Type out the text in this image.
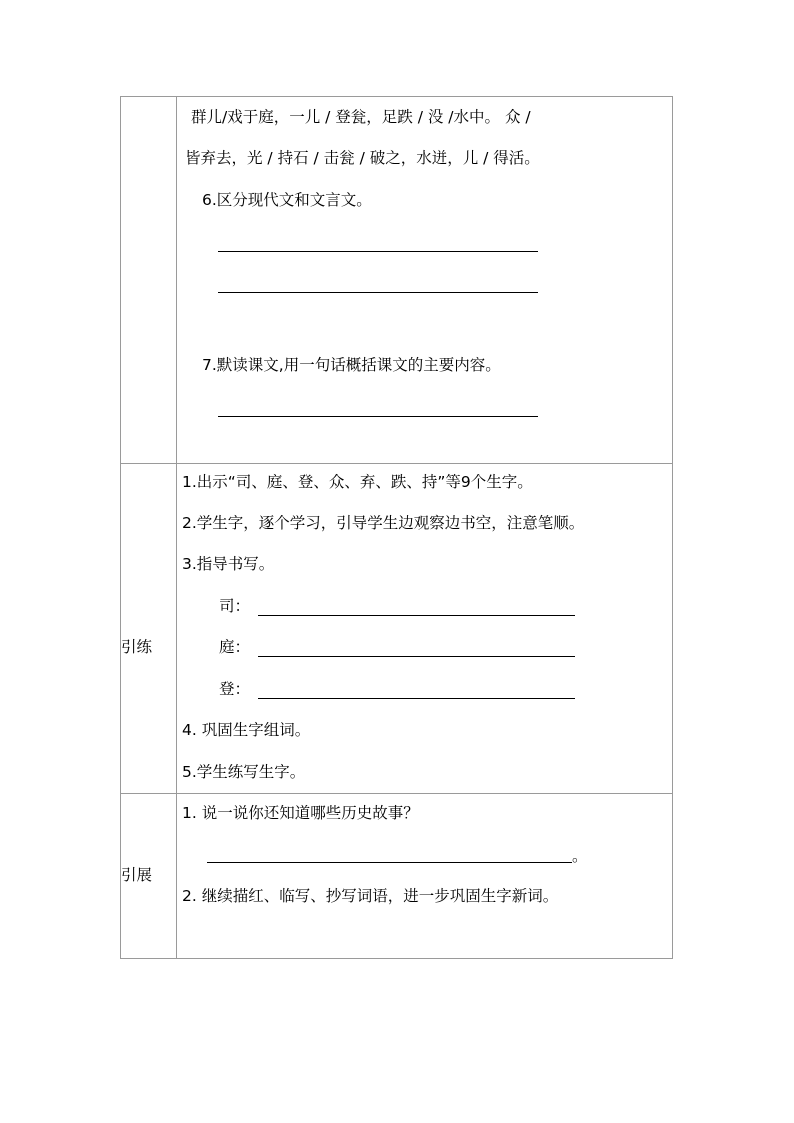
群儿/戏于庭，一儿 / 登瓮，足跌 / 没 /水中。 众 /
皆弃去，光 / 持石 / 击瓮 / 破之，水迸，儿 / 得活。
6.区分现代文和文言文。
7.默读课文,用一句话概括课文的主要内容。
引练
1.出示“司、庭、登、众、弃、跌、持”等9个生字。
2.学生字，逐个学习，引导学生边观察边书空，注意笔顺。
3.指导书写。
司：
庭：
登：
4. 巩固生字组词。
5.学生练写生字。
引展
1. 说一说你还知道哪些历史故事？
。
2. 继续描红、临写、抄写词语，进一步巩固生字新词。
